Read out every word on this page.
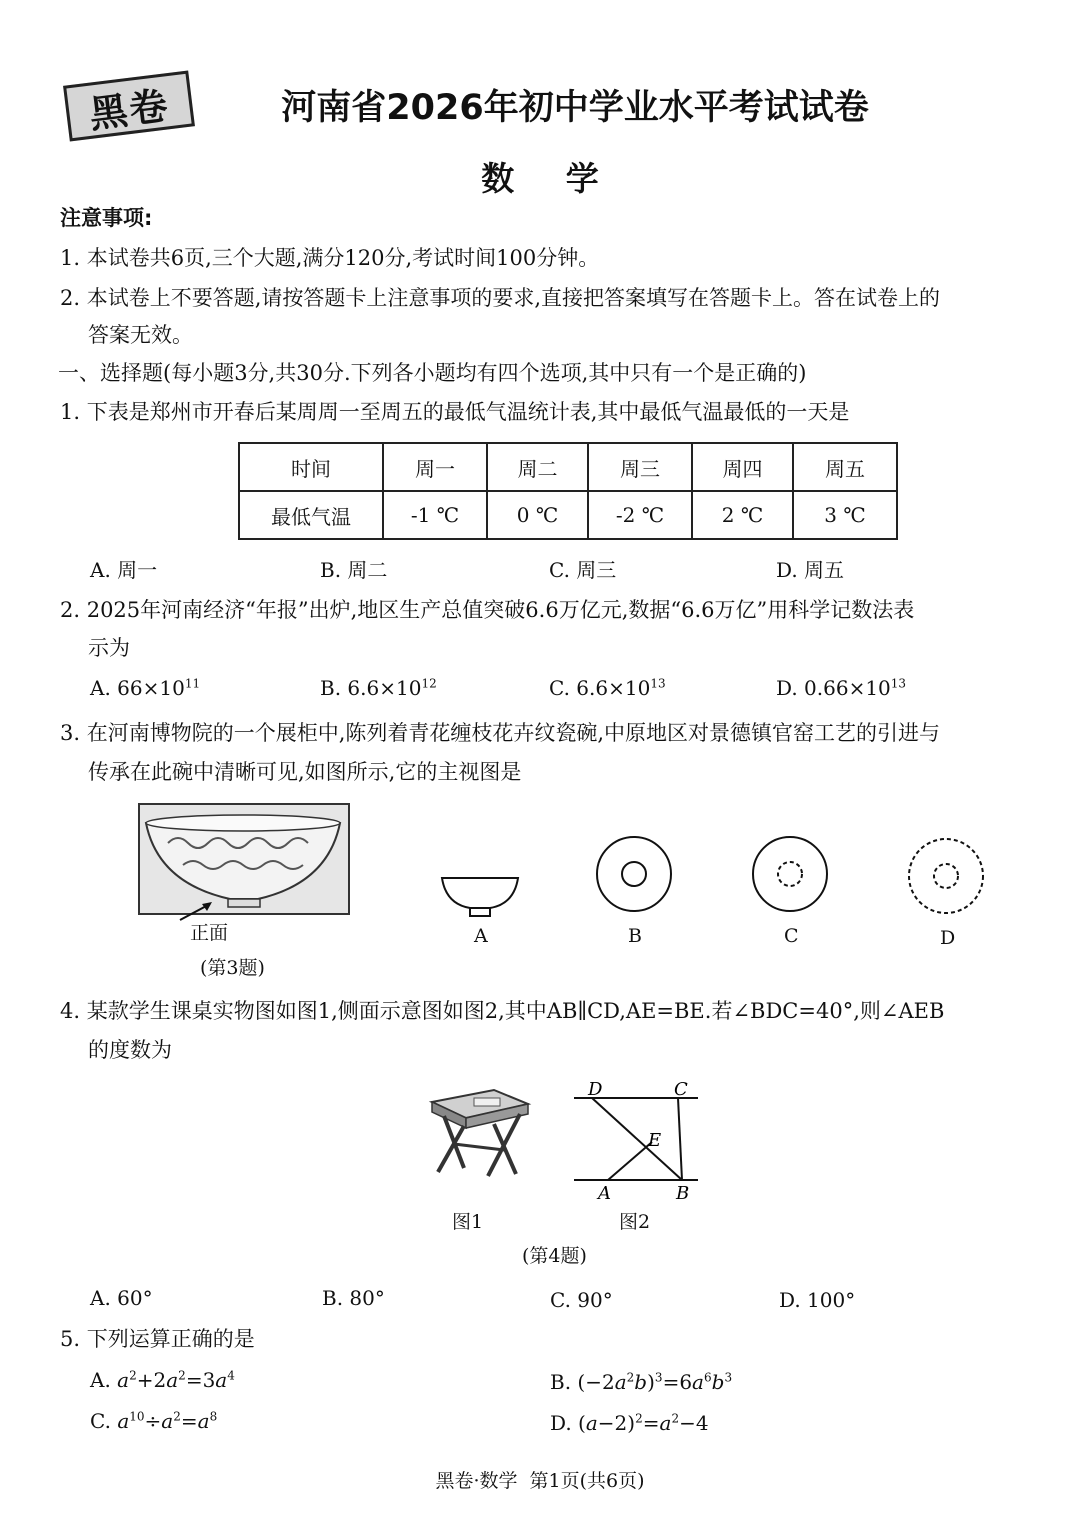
黑卷	河南省2026年初中学业水平考试试卷
数 学
注意事项:
1. 本试卷共6页,三个大题,满分120分,考试时间100分钟。
2. 本试卷上不要答题,请按答题卡上注意事项的要求,直接把答案填写在答题卡上。答在试卷上的
答案无效。
一、选择题(每小题3分,共30分.下列各小题均有四个选项,其中只有一个是正确的)
1. 下表是郑州市开春后某周周一至周五的最低气温统计表,其中最低气温最低的一天是
时间	周一	周二	周三	周四	周五
最低气温	-1 ℃	0 ℃	-2 ℃	2 ℃	3 ℃
A. 周一	B. 周二	C. 周三	D. 周五
2. 2025年河南经济“年报”出炉,地区生产总值突破6.6万亿元,数据“6.6万亿”用科学记数法表
示为
A. $66\times 10^{11}$	B. $6.6\times 10^{12}$	C. $6.6\times 10^{13}$	D. $0.66\times 10^{13}$
3. 在河南博物院的一个展柜中,陈列着青花缠枝花卉纹瓷碗,中原地区对景德镇官窑工艺的引进与
传承在此碗中清晰可见,如图所示,它的主视图是
正面
(第3题)
A	B	C	D
4. 某款学生课桌实物图如图1,侧面示意图如图2,其中AB∥CD,AE=BE.若∠BDC=40°,则∠AEB
的度数为
图1
D	C
E
A	B
图2
(第4题)
A. 60°	B. 80°	C. 90°	D. 100°
5. 下列运算正确的是
A. $a^2+2a^2=3a^4$	B. $(-2a^2b)^3=6a^6b^3$
C. $a^{10}\div a^2=a^8$	D. $(a-2)^2=a^2-4$
黑卷·数学  第1页(共6页)
